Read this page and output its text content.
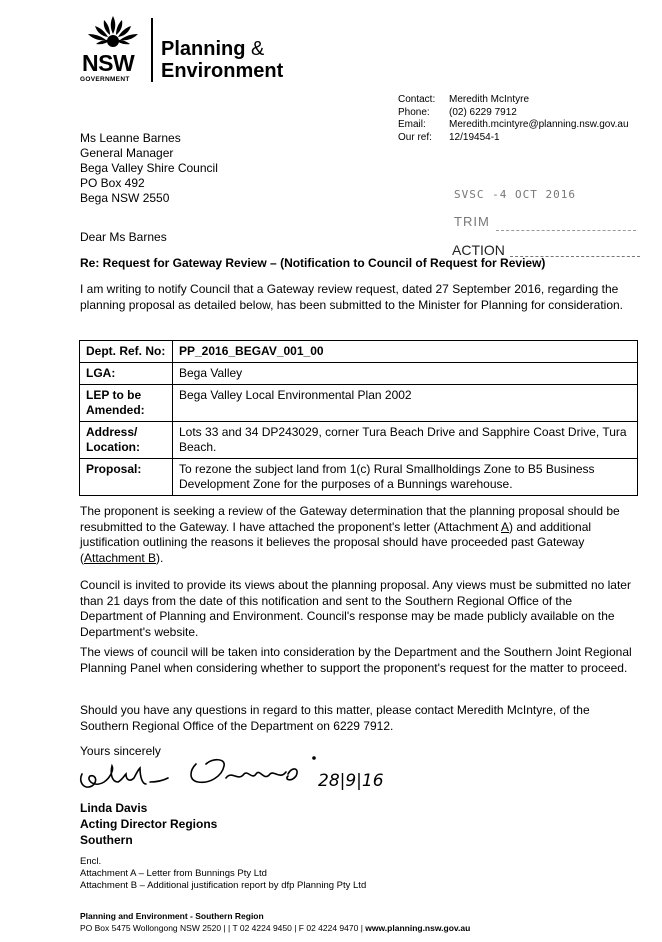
NSW
GOVERNMENT
Planning &
Environment
Contact:	Meredith McIntyre
Phone:	(02) 6229 7912
Email:	Meredith.mcintyre@planning.nsw.gov.au
Our ref:	12/19454-1
Ms Leanne Barnes
General Manager
Bega Valley Shire Council
PO Box 492
Bega NSW 2550	SVSC -4 OCT 2016
TRIM
ACTION
Dear Ms Barnes
Re: Request for Gateway Review – (Notification to Council of Request for Review)
I am writing to notify Council that a Gateway review request, dated 27 September 2016, regarding the planning proposal as detailed below, has been submitted to the Minister for Planning for consideration.
Dept. Ref. No:	PP_2016_BEGAV_001_00
LGA:	Bega Valley
LEP to be Amended:	Bega Valley Local Environmental Plan 2002
Address/ Location:	Lots 33 and 34 DP243029, corner Tura Beach Drive and Sapphire Coast Drive, Tura Beach.
Proposal:	To rezone the subject land from 1(c) Rural Smallholdings Zone to B5 Business Development Zone for the purposes of a Bunnings warehouse.
The proponent is seeking a review of the Gateway determination that the planning proposal should be resubmitted to the Gateway. I have attached the proponent's letter (Attachment A) and additional justification outlining the reasons it believes the proposal should have proceeded past Gateway (Attachment B).
Council is invited to provide its views about the planning proposal. Any views must be submitted no later than 21 days from the date of this notification and sent to the Southern Regional Office of the Department of Planning and Environment. Council's response may be made publicly available on the Department's website.
The views of council will be taken into consideration by the Department and the Southern Joint Regional Planning Panel when considering whether to support the proponent's request for the matter to proceed.
Should you have any questions in regard to this matter, please contact Meredith McIntyre, of the Southern Regional Office of the Department on 6229 7912.
Yours sincerely
28|9|16
Linda Davis
Acting Director Regions
Southern
Encl.
Attachment A – Letter from Bunnings Pty Ltd
Attachment B – Additional justification report by dfp Planning Pty Ltd
Planning and Environment - Southern Region
PO Box 5475 Wollongong NSW 2520 | | T 02 4224 9450 | F 02 4224 9470 | www.planning.nsw.gov.au
